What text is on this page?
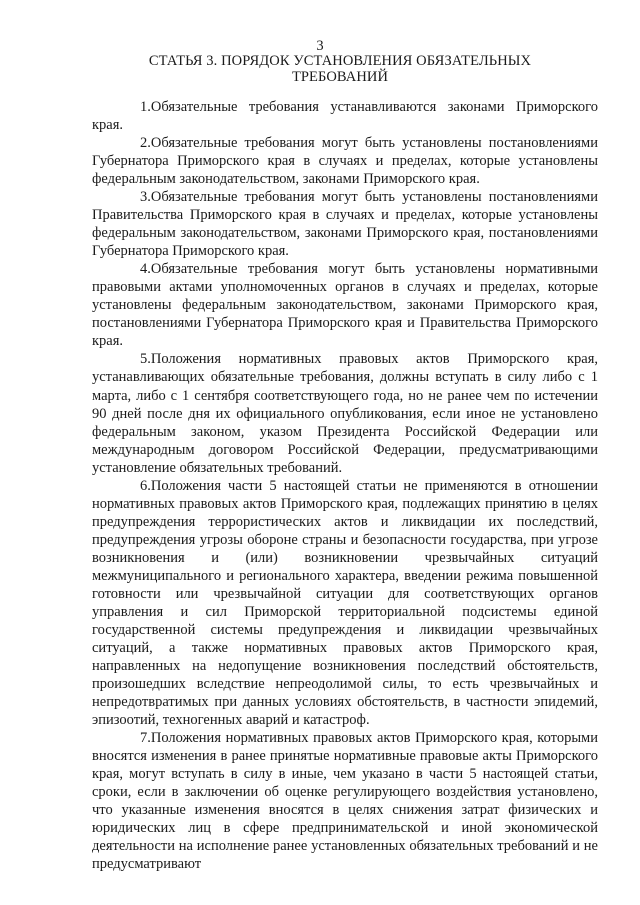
3
СТАТЬЯ 3. ПОРЯДОК УСТАНОВЛЕНИЯ ОБЯЗАТЕЛЬНЫХ
ТРЕБОВАНИЙ

1.Обязательные требования устанавливаются законами Приморского края.

2.Обязательные требования могут быть установлены постановлениями Губернатора Приморского края в случаях и пределах, которые установлены федеральным законодательством, законами Приморского края.

3.Обязательные требования могут быть установлены постановлениями Правительства Приморского края в случаях и пределах, которые установлены федеральным законодательством, законами Приморского края, постановлениями Губернатора Приморского края.

4.Обязательные требования могут быть установлены нормативными правовыми актами уполномоченных органов в случаях и пределах, которые установлены федеральным законодательством, законами Приморского края, постановлениями Губернатора Приморского края и Правительства Приморского края.

5.Положения нормативных правовых актов Приморского края, устанавливающих обязательные требования, должны вступать в силу либо с 1 марта, либо с 1 сентября соответствующего года, но не ранее чем по истечении 90 дней после дня их официального опубликования, если иное не установлено федеральным законом, указом Президента Российской Федерации или международным договором Российской Федерации, предусматривающими установление обязательных требований.

6.Положения части 5 настоящей статьи не применяются в отношении нормативных правовых актов Приморского края, подлежащих принятию в целях предупреждения террористических актов и ликвидации их последствий, предупреждения угрозы обороне страны и безопасности государства, при угрозе возникновения и (или) возникновении чрезвычайных ситуаций межмуниципального и регионального характера, введении режима повышенной готовности или чрезвычайной ситуации для соответствующих органов управления и сил Приморской территориальной подсистемы единой государственной системы предупреждения и ликвидации чрезвычайных ситуаций, а также нормативных правовых актов Приморского края, направленных на недопущение возникновения последствий обстоятельств, произошедших вследствие непреодолимой силы, то есть чрезвычайных и непредотвратимых при данных условиях обстоятельств, в частности эпидемий, эпизоотий, техногенных аварий и катастроф.

7.Положения нормативных правовых актов Приморского края, которыми вносятся изменения в ранее принятые нормативные правовые акты Приморского края, могут вступать в силу в иные, чем указано в части 5 настоящей статьи, сроки, если в заключении об оценке регулирующего воздействия установлено, что указанные изменения вносятся в целях снижения затрат физических и юридических лиц в сфере предпринимательской и иной экономической деятельности на исполнение ранее установленных обязательных требований и не предусматривают
